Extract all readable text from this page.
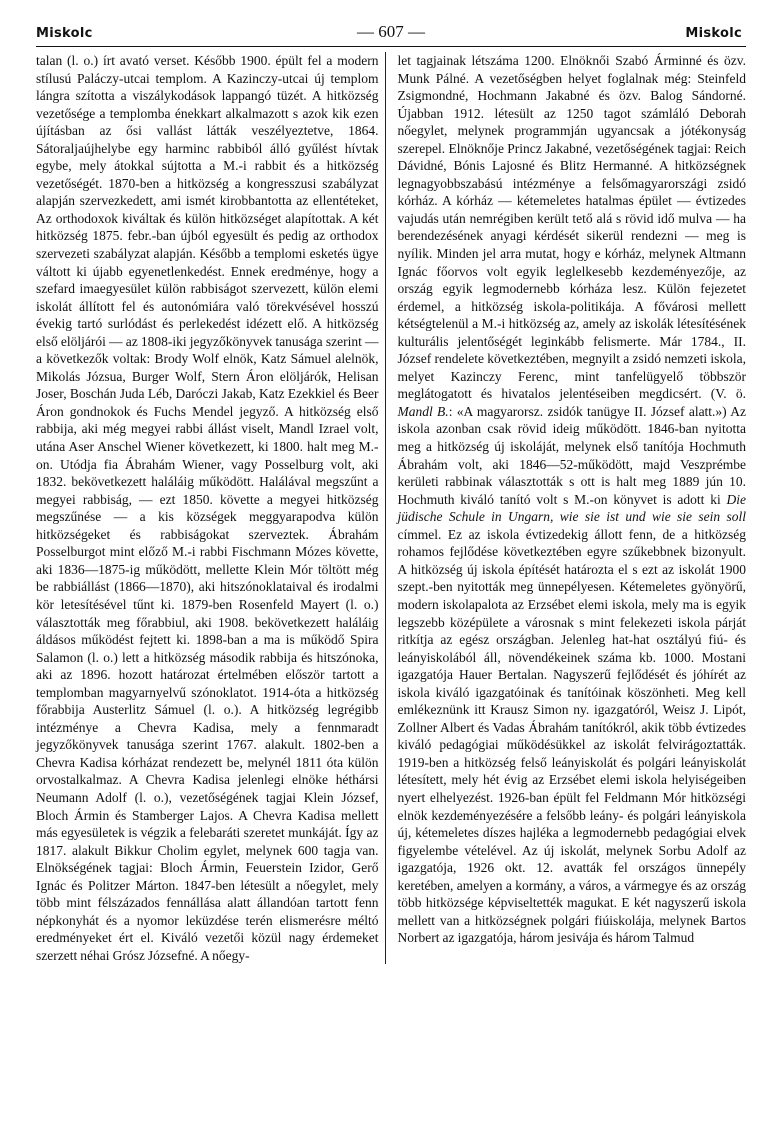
Miskolc	— 607 —	Miskolc

talan (l. o.) írt avató verset. Később 1900. épült fel a modern stílusú Paláczy-utcai templom. A Kazinczy-utcai új templom lángra szította a viszálykodások lappangó tüzét. A hitközség vezetősége a templomba énekkart alkalmazott s azok kik ezen újításban az ősi vallást látták veszélyeztetve, 1864. Sátoraljaújhelybe egy harminc rabbiból álló gyűlést hívtak egybe, mely átokkal sújtotta a M.-i rabbit és a hitközség vezetőségét. 1870-ben a hitközség a kongresszusi szabályzat alapján szervezkedett, ami ismét kirobbantotta az ellentéteket, Az orthodoxok kiváltak és külön hitközséget alapítottak. A két hitközség 1875. febr.-ban újból egyesült és pedig az orthodox szervezeti szabályzat alapján. Később a templomi esketés ügye váltott ki újabb egyenetlenkedést. Ennek eredménye, hogy a szefard imaegyesület külön rabbiságot szervezett, külön elemi iskolát állított fel és autonómiára való törekvésével hosszú évekig tartó surlódást és perlekedést idézett elő. A hitközség első elöljárói — az 1808-iki jegyzőkönyvek tanusága szerint — a következők voltak: Brody Wolf elnök, Katz Sámuel alelnök, Mikolás Józsua, Burger Wolf, Stern Áron elöljárók, Helisan Joser, Boschán Juda Léb, Daróczi Jakab, Katz Ezekkiel és Beer Áron gondnokok és Fuchs Mendel jegyző. A hitközség első rabbija, aki még megyei rabbi állást viselt, Mandl Izrael volt, utána Aser Anschel Wiener következett, ki 1800. halt meg M.-on. Utódja fia Ábrahám Wiener, vagy Posselburg volt, aki 1832. bekövetkezett haláláig működött. Halálával megszűnt a megyei rabbiság, — ezt 1850. követte a megyei hitközség megszűnése — a kis községek meggyarapodva külön hitközségeket és rabbiságokat szerveztek. Ábrahám Posselburgot mint előző M.-i rabbi Fischmann Mózes követte, aki 1836—1875-ig működött, mellette Klein Mór töltött még be rabbiállást (1866—1870), aki hitszónoklataival és irodalmi kör letesítésével tűnt ki. 1879-ben Rosenfeld Mayert (l. o.) választották meg főrabbiul, aki 1908. bekövetkezett haláláig áldásos működést fejtett ki. 1898-ban a ma is működő Spira Salamon (l. o.) lett a hitközség második rabbija és hitszónoka, aki az 1896. hozott határozat értelmében először tartott a templomban magyarnyelvű szónoklatot. 1914-óta a hitközség főrabbija Austerlitz Sámuel (l. o.). A hitközség legrégibb intézménye a Chevra Kadisa, mely a fennmaradt jegyzőkönyvek tanusága szerint 1767. alakult. 1802-ben a Chevra Kadisa kórházat rendezett be, melynél 1811 óta külön orvostalkalmaz. A Chevra Kadisa jelenlegi elnöke héthársi Neumann Adolf (l. o.), vezetőségének tagjai Klein József, Bloch Ármin és Stamberger Lajos. A Chevra Kadisa mellett más egyesületek is végzik a felebaráti szeretet munkáját. Így az 1817. alakult Bikkur Cholim egylet, melynek 600 tagja van. Elnökségének tagjai: Bloch Ármin, Feuerstein Izidor, Gerő Ignác és Politzer Márton. 1847-ben létesült a nőegylet, mely több mint félszázados fennállása alatt állandóan tartott fenn népkonyhát és a nyomor leküzdése terén elismerésre méltó eredményeket ért el. Kiváló vezetői közül nagy érdemeket szerzett néhai Grósz Józsefné. A nőegy-

let tagjainak létszáma 1200. Elnöknői Szabó Árminné és özv. Munk Pálné. A vezetőségben helyet foglalnak még: Steinfeld Zsigmondné, Hochmann Jakabné és özv. Balog Sándorné. Újabban 1912. létesült az 1250 tagot számláló Deborah nőegylet, melynek programmján ugyancsak a jótékonyság szerepel. Elnöknője Princz Jakabné, vezetőségének tagjai: Reich Dávidné, Bónis Lajosné és Blitz Hermanné. A hitközségnek legnagyobbszabású intézménye a felsőmagyarországi zsidó kórház. A kórház — kétemeletes hatalmas épület — évtizedes vajudás után nemrégiben került tető alá s rövid idő mulva — ha berendezésének anyagi kérdését sikerül rendezni — meg is nyílik. Minden jel arra mutat, hogy e kórház, melynek Altmann Ignác főorvos volt egyik leglelkesebb kezdeményezője, az ország egyik legmodernebb kórháza lesz. Külön fejezetet érdemel, a hitközség iskola-politikája. A fővárosi mellett kétségtelenül a M.-i hitközség az, amely az iskolák létesítésének kulturális jelentőségét leginkább felismerte. Már 1784., II. József rendelete következtében, megnyilt a zsidó nemzeti iskola, melyet Kazinczy Ferenc, mint tanfelügyelő többször meglátogatott és hivatalos jelentéseiben megdicsért. (V. ö. Mandl B.: «A magyarorsz. zsidók tanügye II. József alatt.») Az iskola azonban csak rövid ideig működött. 1846-ban nyitotta meg a hitközség új iskoláját, melynek első tanítója Hochmuth Ábrahám volt, aki 1846—52-működött, majd Veszprémbe kerületi rabbinak választották s ott is halt meg 1889 jún 10. Hochmuth kiváló tanító volt s M.-on könyvet is adott ki Die jüdische Schule in Ungarn, wie sie ist und wie sie sein soll címmel. Ez az iskola évtizedekig állott fenn, de a hitközség rohamos fejlődése következtében egyre szűkebbnek bizonyult. A hitközség új iskola építését határozta el s ezt az iskolát 1900 szept.-ben nyitották meg ünnepélyesen. Kétemeletes gyönyörű, modern iskolapalota az Erzsébet elemi iskola, mely ma is egyik legszebb középülete a városnak s mint felekezeti iskola párját ritkítja az egész országban. Jelenleg hat-hat osztályú fiú- és leányiskolából áll, növendékeinek száma kb. 1000. Mostani igazgatója Hauer Bertalan. Nagyszerű fejlődését és jóhírét az iskola kiváló igazgatóinak és tanítóinak köszönheti. Meg kell emlékeznünk itt Krausz Simon ny. igazgatóról, Weisz J. Lipót, Zollner Albert és Vadas Ábrahám tanítókról, akik több évtizedes kiváló pedagógiai működésükkel az iskolát felvirágoztatták. 1919-ben a hitközség felső leányiskolát és polgári leányiskolát létesített, mely hét évig az Erzsébet elemi iskola helyiségeiben nyert elhelyezést. 1926-ban épült fel Feldmann Mór hitközségi elnök kezdeményezésére a felsőbb leány- és polgári leányiskola új, kétemeletes díszes hajléka a legmodernebb pedagógiai elvek figyelembe vételével. Az új iskolát, melynek Sorbu Adolf az igazgatója, 1926 okt. 12. avatták fel országos ünnepély keretében, amelyen a kormány, a város, a vármegye és az ország több hitközsége képviseltették magukat. E két nagyszerű iskola mellett van a hitközségnek polgári fiúiskolája, melynek Bartos Norbert az igazgatója, három jesivája és három Talmud
